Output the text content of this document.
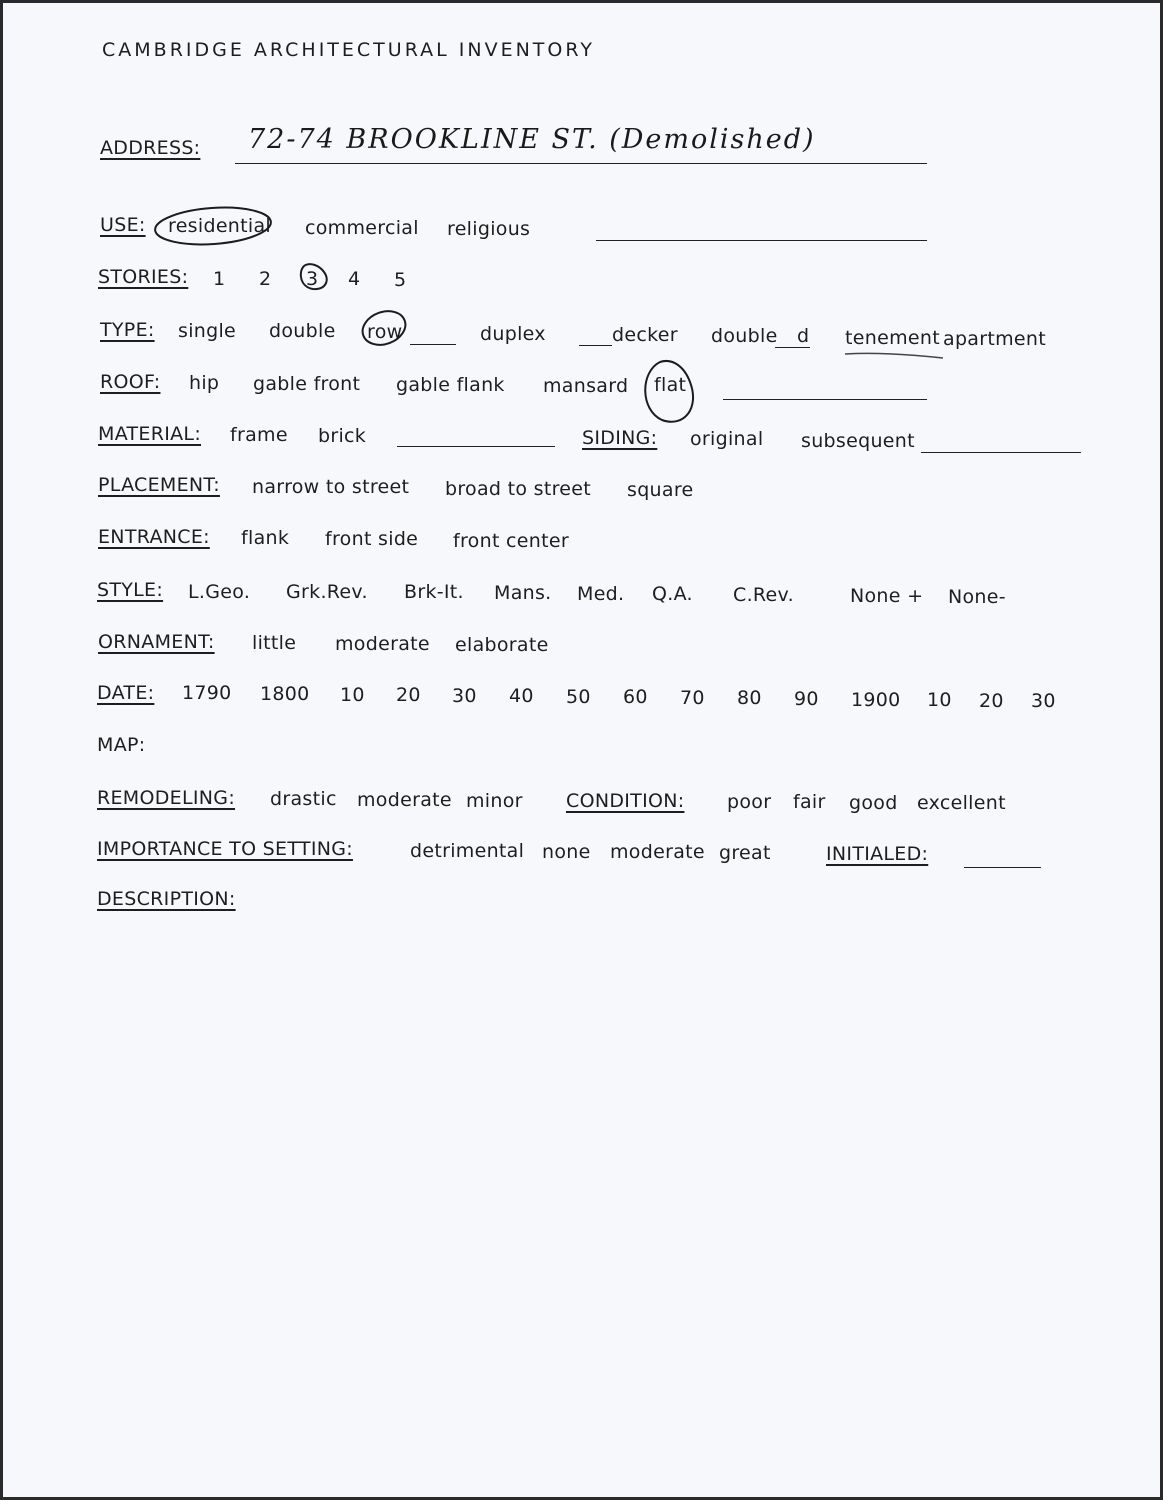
CAMBRIDGE ARCHITECTURAL INVENTORY
ADDRESS: 72-74 BROOKLINE ST. (Demolished)
USE: residential commercial religious
STORIES: 1 2 3 4 5
TYPE: single double row	duplex	decker double d tenement apartment
ROOF: hip gable front gable flank mansard flat
MATERIAL: frame brick	SIDING: original subsequent
PLACEMENT: narrow to street broad to street square
ENTRANCE: flank front side front center
STYLE: L.Geo. Grk.Rev. Brk-It. Mans. Med. Q.A. C.Rev.	None + None-
ORNAMENT: little moderate elaborate
DATE: 1790 1800 10 20 30 40 50 60 70 80 90 1900 10 20 30
MAP:
REMODELING: drastic moderate minor CONDITION: poor fair good excellent
IMPORTANCE TO SETTING:	detrimental none moderate great	INITIALED:
DESCRIPTION:
